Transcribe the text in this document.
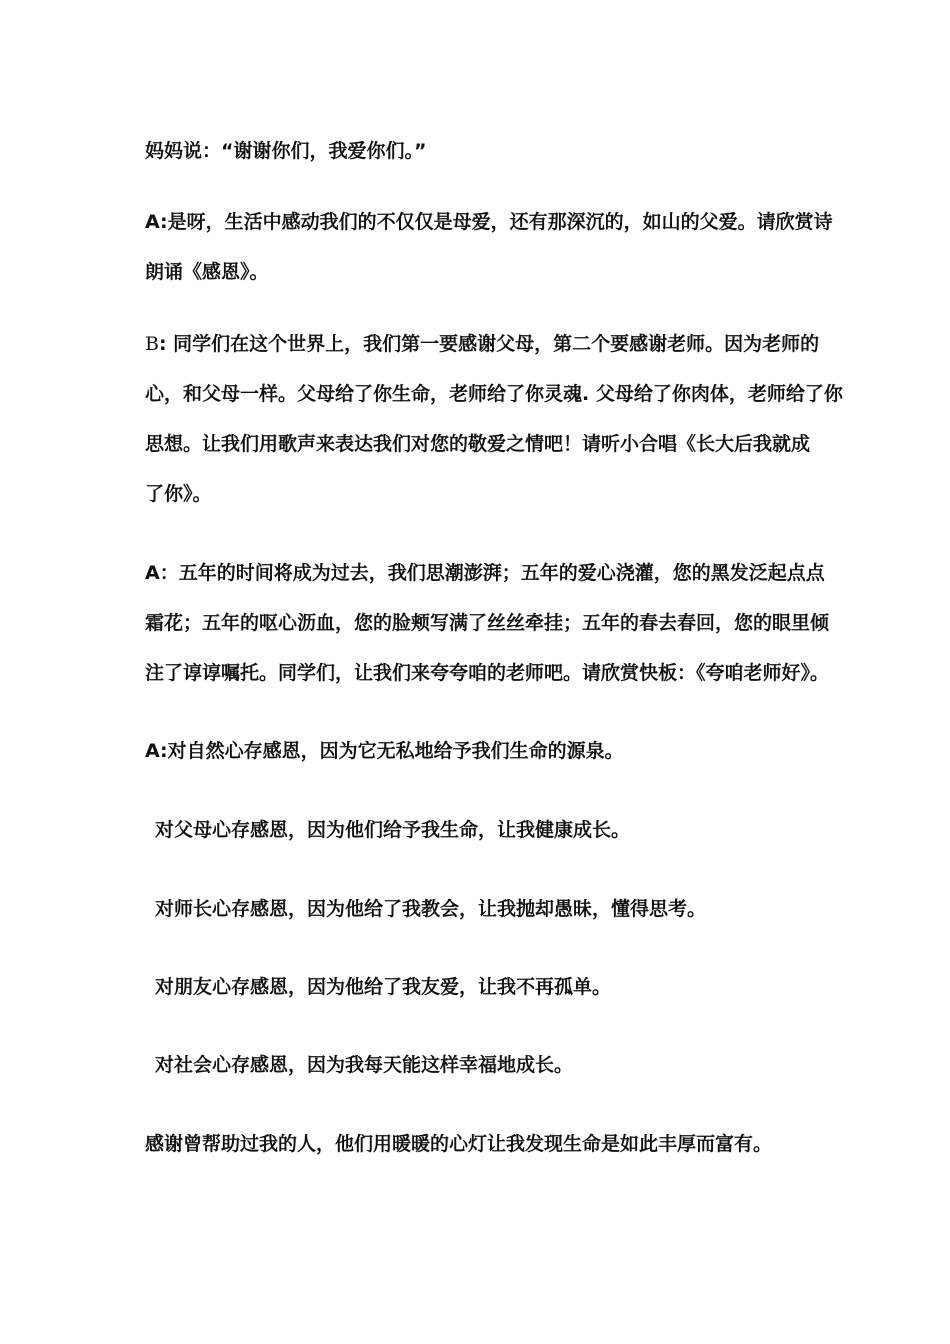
妈妈说：“谢谢你们，我爱你们。”
A:是呀，生活中感动我们的不仅仅是母爱，还有那深沉的，如山的父爱。请欣赏诗
朗诵《感恩》。
B: 同学们在这个世界上，我们第一要感谢父母，第二个要感谢老师。因为老师的
心，和父母一样。父母给了你生命，老师给了你灵魂. 父母给了你肉体，老师给了你
思想。让我们用歌声来表达我们对您的敬爱之情吧！请听小合唱《长大后我就成
了你》。
A：五年的时间将成为过去，我们思潮澎湃；五年的爱心浇灌，您的黑发泛起点点
霜花；五年的呕心沥血，您的脸颊写满了丝丝牵挂；五年的春去春回，您的眼里倾
注了谆谆嘱托。同学们，让我们来夸夸咱的老师吧。请欣赏快板：《夸咱老师好》。
A:对自然心存感恩，因为它无私地给予我们生命的源泉。
对父母心存感恩，因为他们给予我生命，让我健康成长。
对师长心存感恩，因为他给了我教会，让我抛却愚昧，懂得思考。
对朋友心存感恩，因为他给了我友爱，让我不再孤单。
对社会心存感恩，因为我每天能这样幸福地成长。
感谢曾帮助过我的人，他们用暖暖的心灯让我发现生命是如此丰厚而富有。
